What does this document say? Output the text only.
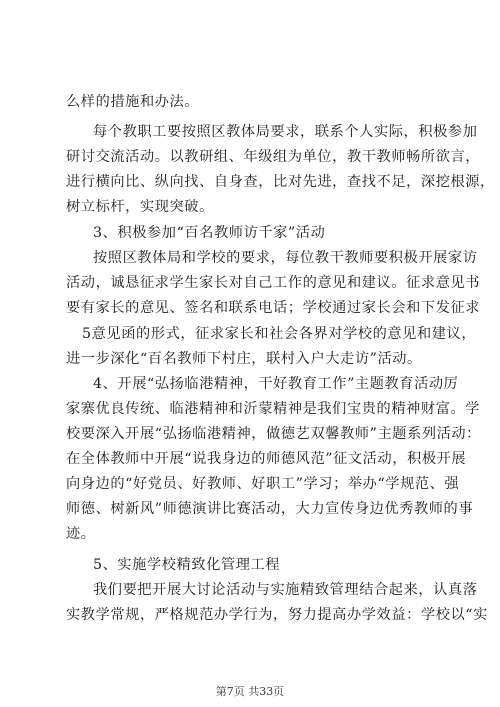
么样的措施和办法。
每个教职工要按照区教体局要求，联系个人实际，积极参加
研讨交流活动。以教研组、年级组为单位，教干教师畅所欲言，
进行横向比、纵向找、自身查，比对先进，查找不足，深挖根源，
树立标杆，实现突破。
3、积极参加“百名教师访千家”活动
按照区教体局和学校的要求，每位教干教师要积极开展家访
活动，诚恳征求学生家长对自己工作的意见和建议。征求意见书
要有家长的意见、签名和联系电话；学校通过家长会和下发征求
5意见函的形式，征求家长和社会各界对学校的意见和建议，
进一步深化“百名教师下村庄，联村入户大走访”活动。
4、开展“弘扬临港精神，干好教育工作”主题教育活动厉
家寨优良传统、临港精神和沂蒙精神是我们宝贵的精神财富。学
校要深入开展“弘扬临港精神，做德艺双馨教师”主题系列活动：
在全体教师中开展“说我身边的师德风范”征文活动，积极开展
向身边的“好党员、好教师、好职工”学习；举办“学规范、强
师德、树新风”师德演讲比赛活动，大力宣传身边优秀教师的事
迹。
5、实施学校精致化管理工程
我们要把开展大讨论活动与实施精致管理结合起来，认真落
实教学常规，严格规范办学行为，努力提高办学效益：学校以“实
第7页 共33页
